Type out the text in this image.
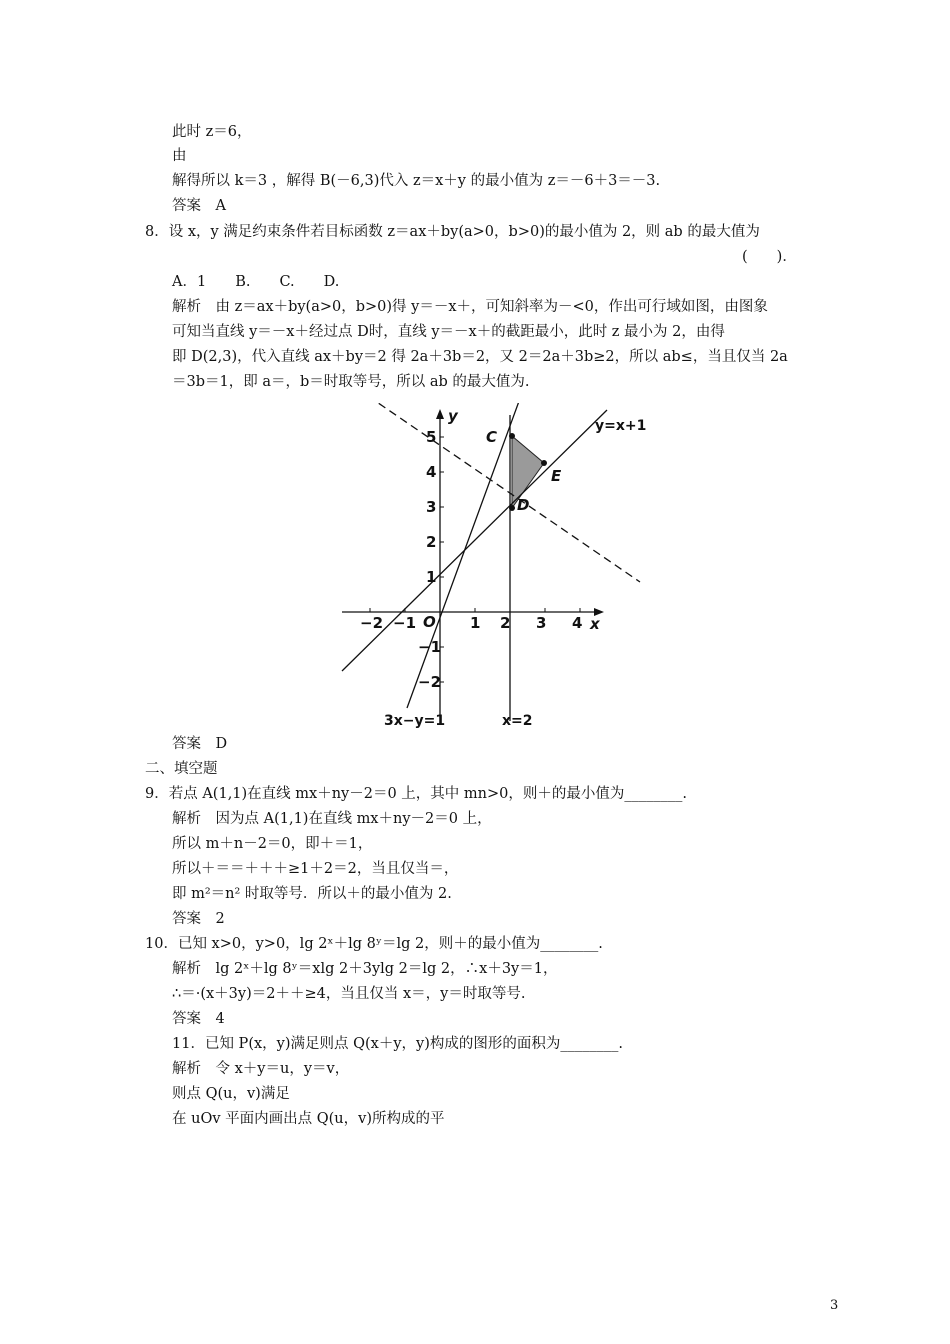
此时 z＝6，
由
解得所以 k＝3 ，解得 B(－6,3)代入 z＝x＋y 的最小值为 z＝－6＋3＝－3.
答案　A
8．设 x，y 满足约束条件若目标函数 z＝ax＋by(a>0，b>0)的最小值为 2，则 ab 的最大值为
(　　)．
A．1　　B.　　C.　　D.
解析　由 z＝ax＋by(a>0，b>0)得 y＝－x＋，可知斜率为－<0，作出可行域如图，由图象
可知当直线 y＝－x＋经过点 D时，直线 y＝－x＋的截距最小，此时 z 最小为 2，由得
即 D(2,3)，代入直线 ax＋by＝2 得 2a＋3b＝2，又 2＝2a＋3b≥2，所以 ab≤，当且仅当 2a
＝3b＝1，即 a＝，b＝时取等号，所以 ab 的最大值为.
y
x
O
−2 −1	1 2 3 4
5
4
3
2
1
−1
−2
C
D
E
y=x+1
3x−y=1	x=2
答案　D
二、填空题
9．若点 A(1,1)在直线 mx＋ny－2＝0 上，其中 mn>0，则＋的最小值为________.
解析　因为点 A(1,1)在直线 mx＋ny－2＝0 上，
所以 m＋n－2＝0，即＋＝1，
所以＋＝＝＋＋＋≥1＋2＝2，当且仅当＝，
即 m²＝n² 时取等号．所以＋的最小值为 2.
答案　2
10．已知 x>0，y>0，lg 2ˣ＋lg 8ʸ＝lg 2，则＋的最小值为________.
解析　lg 2ˣ＋lg 8ʸ＝xlg 2＋3ylg 2＝lg 2，∴x＋3y＝1，
∴＝·(x＋3y)＝2＋＋≥4，当且仅当 x＝，y＝时取等号.
答案　4
11．已知 P(x，y)满足则点 Q(x＋y，y)构成的图形的面积为________.
解析　令 x＋y＝u，y＝v，
则点 Q(u，v)满足
在 uOv 平面内画出点 Q(u，v)所构成的平
3
